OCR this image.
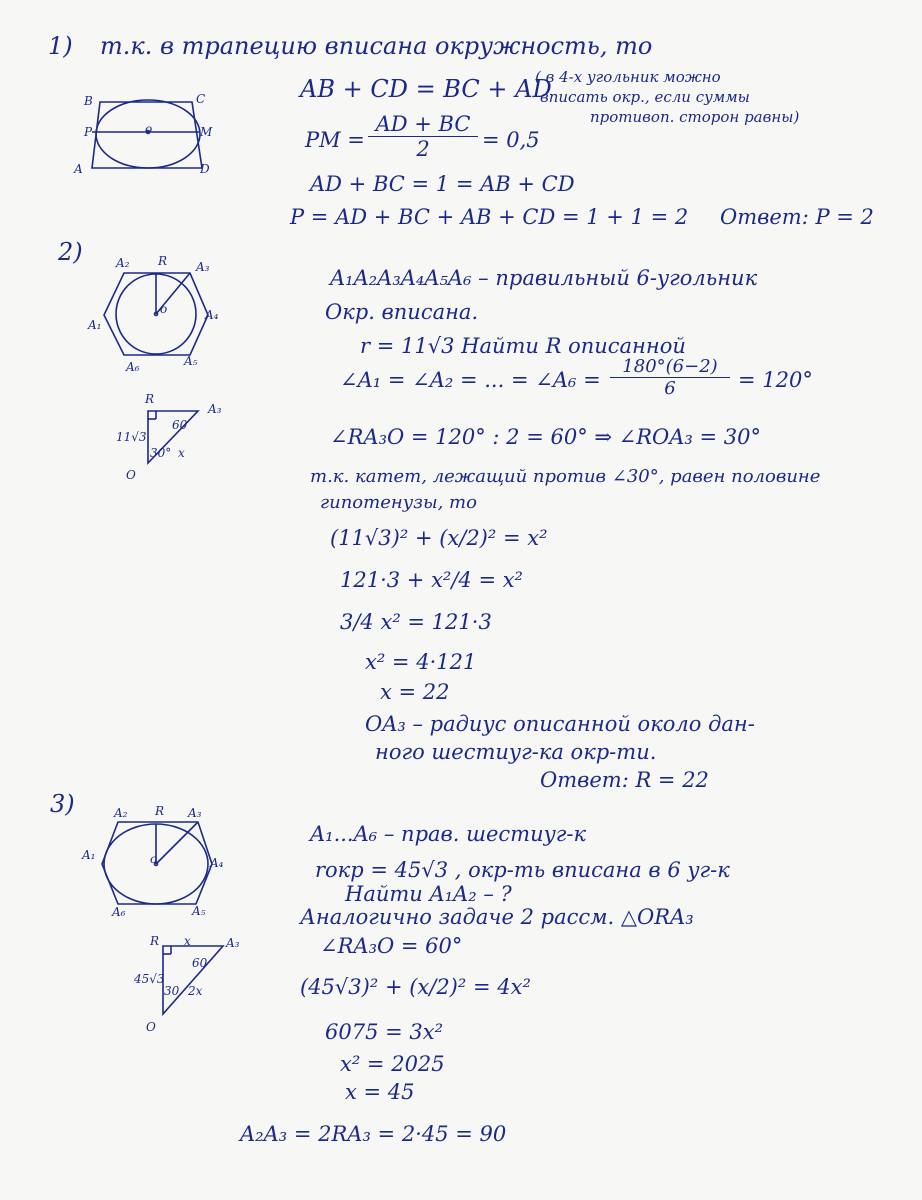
1) т.к. в трапецию вписана окружность, то
AB + CD = BC + AD
( в 4-х угольник можно
вписать окр., если суммы
противоп. сторон равны)
B	C
P	M
o
A	D
PM = $\frac{AD + BC}{2} = 0,5$
AD + BC = 1 = AB + CD
P = AD + BC + AB + CD = 1 + 1 = 2 Ответ: P = 2
2)	A₂ R A₃
A₁
A₄
o
A₆	A₅
R
A₃
11√3
60
30° x
O
A₁A₂A₃A₄A₅A₆ – правильный 6-угольник
Окр. вписана.
r = 11√3 Найти R описанной
∠A₁ = ∠A₂ = ... = ∠A₆ = $\frac{180^\circ(6-2)}{6} = 120^\circ$
∠RA₃O = 120° : 2 = 60° ⇒ ∠ROA₃ = 30°
т.к. катет, лежащий против ∠30°, равен половине
гипотенузы, то
(11√3)² + (x/2)² = x²
121·3 + x²/4 = x²
3/4 x² = 121·3
x² = 4·121
x = 22
OA₃ – радиус описанной около дан-
ного шестиуг-ка окр-ти.
Ответ: R = 22
3)	A₂ R A₃
A₁
A₄
o
A₆	A₅
R x	A₃
45√3
60
30 2x
O
A₁...A₆ – прав. шестиуг-к
rокр = 45√3 , окр-ть вписана в 6 уг-к
Найти A₁A₂ – ?
Аналогично задаче 2 рассм. △ORA₃
∠RA₃O = 60°
(45√3)² + (x/2)² = 4x²
6075 = 3x²
x² = 2025
x = 45
A₂A₃ = 2RA₃ = 2·45 = 90
